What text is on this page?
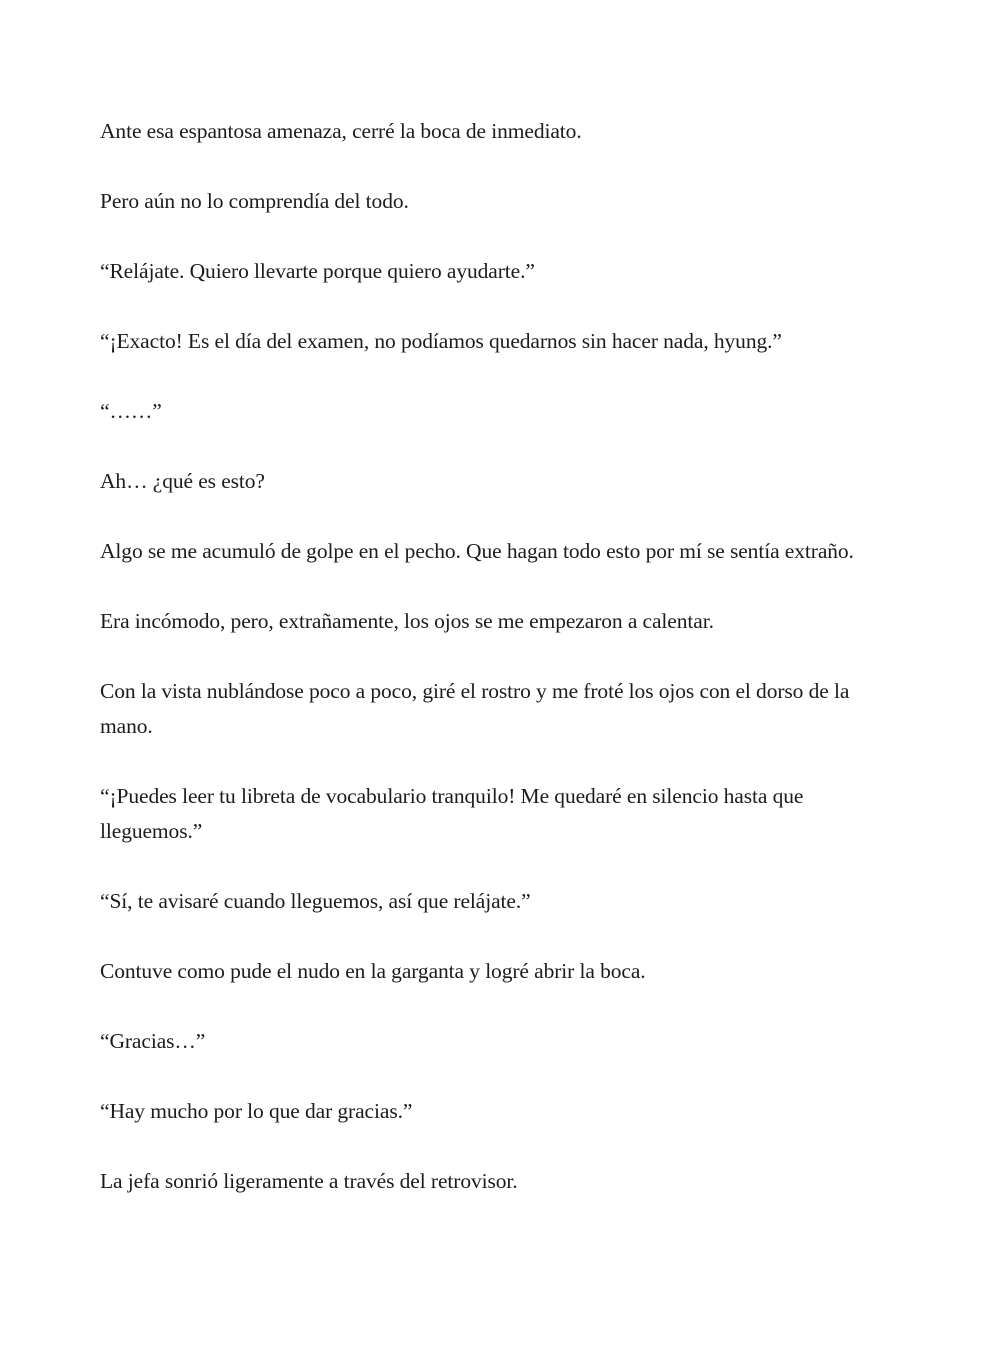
Ante esa espantosa amenaza, cerré la boca de inmediato.

Pero aún no lo comprendía del todo.

“Relájate. Quiero llevarte porque quiero ayudarte.”

“¡Exacto! Es el día del examen, no podíamos quedarnos sin hacer nada, hyung.”

“……”

Ah… ¿qué es esto?

Algo se me acumuló de golpe en el pecho. Que hagan todo esto por mí se sentía extraño.

Era incómodo, pero, extrañamente, los ojos se me empezaron a calentar.

Con la vista nublándose poco a poco, giré el rostro y me froté los ojos con el dorso de la mano.

“¡Puedes leer tu libreta de vocabulario tranquilo! Me quedaré en silencio hasta que lleguemos.”

“Sí, te avisaré cuando lleguemos, así que relájate.”

Contuve como pude el nudo en la garganta y logré abrir la boca.

“Gracias…”

“Hay mucho por lo que dar gracias.”

La jefa sonrió ligeramente a través del retrovisor.
